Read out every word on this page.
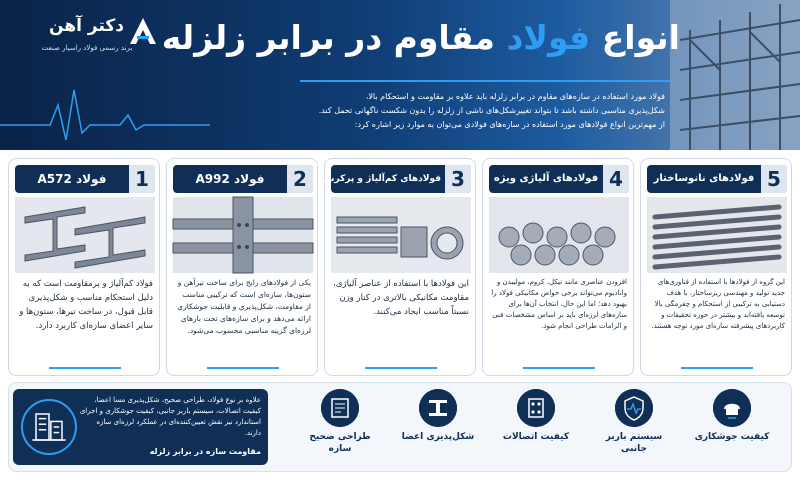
دکتر آهن
برند رسمی فولاد راسپار صنعت	انواع فولاد مقاوم در برابر زلزله
فولاد مورد استفاده در سازه‌های مقاوم در برابر زلزله باید علاوه بر مقاومت و استحکام بالا،
شکل‌پذیری مناسبی داشته باشد تا بتواند تغییرشکل‌های ناشی از زلزله را بدون شکست ناگهانی تحمل کند.
از مهم‌ترین انواع فولادهای مورد استفاده در سازه‌های فولادی می‌توان به موارد زیر اشاره کرد:
فولاد A572	1
فولاد کم‌آلیاژ و پرمقاومت است که به دلیل استحکام مناسب و شکل‌پذیری قابل قبول، در ساخت تیرها، ستون‌ها و سایر اعضای سازه‌ای کاربرد دارد.
فولاد A992	2
یکی از فولادهای رایج برای ساخت تیرآهن و ستون‌ها، سازه‌ای است که ترکیبی مناسب از مقاومت، شکل‌پذیری و قابلیت جوشکاری ارائه می‌دهد و برای سازه‌های تحت بارهای لرزه‌ای گزینه مناسبی محسوب می‌شود.
فولادهای کم‌آلیاژ و پرکربن 3
این فولادها با استفاده از عناصر آلیاژی، مقاومت مکانیکی بالاتری در کنار وزن نسبتاً مناسب ایجاد می‌کنند.
فولادهای آلیاژی ویژه 4
افزودن عناصری مانند نیکل، کروم، مولیبدن و وانادیوم می‌تواند برخی خواص مکانیکی فولاد را بهبود دهد؛ اما این حال، انتخاب آن‌ها برای سازه‌های لرزه‌ای باید بر اساس مشخصات فنی و الزامات طراحی انجام شود.
فولادهای نانوساختار 5
این گروه از فولادها با استفاده از فناوری‌های جدید تولید و مهندسی ریزساختار، با هدف دستیابی به ترکیبی از استحکام و چقرمگی بالا توسعه یافته‌اند و بیشتر در حوزه تحقیقات و کاربردهای پیشرفته سازه‌ای مورد توجه هستند.
علاوه بر نوع فولاد، طراحی صحیح، شکل‌پذیری مسا اعضا، کیفیت اتصالات، سیستم باربر جانبی، کیفیت جوشکاری و اجرای استاندارد نیز نقش تعیین‌کننده‌ای در عملکرد لرزه‌ای سازه دارند.
مقاومت سازه در برابر زلزله
طراحی صحیح سازه
شکل‌پذیری اعضا	کیفیت اتصالات	سیستم باربر جانبی
کیفیت جوشکاری
